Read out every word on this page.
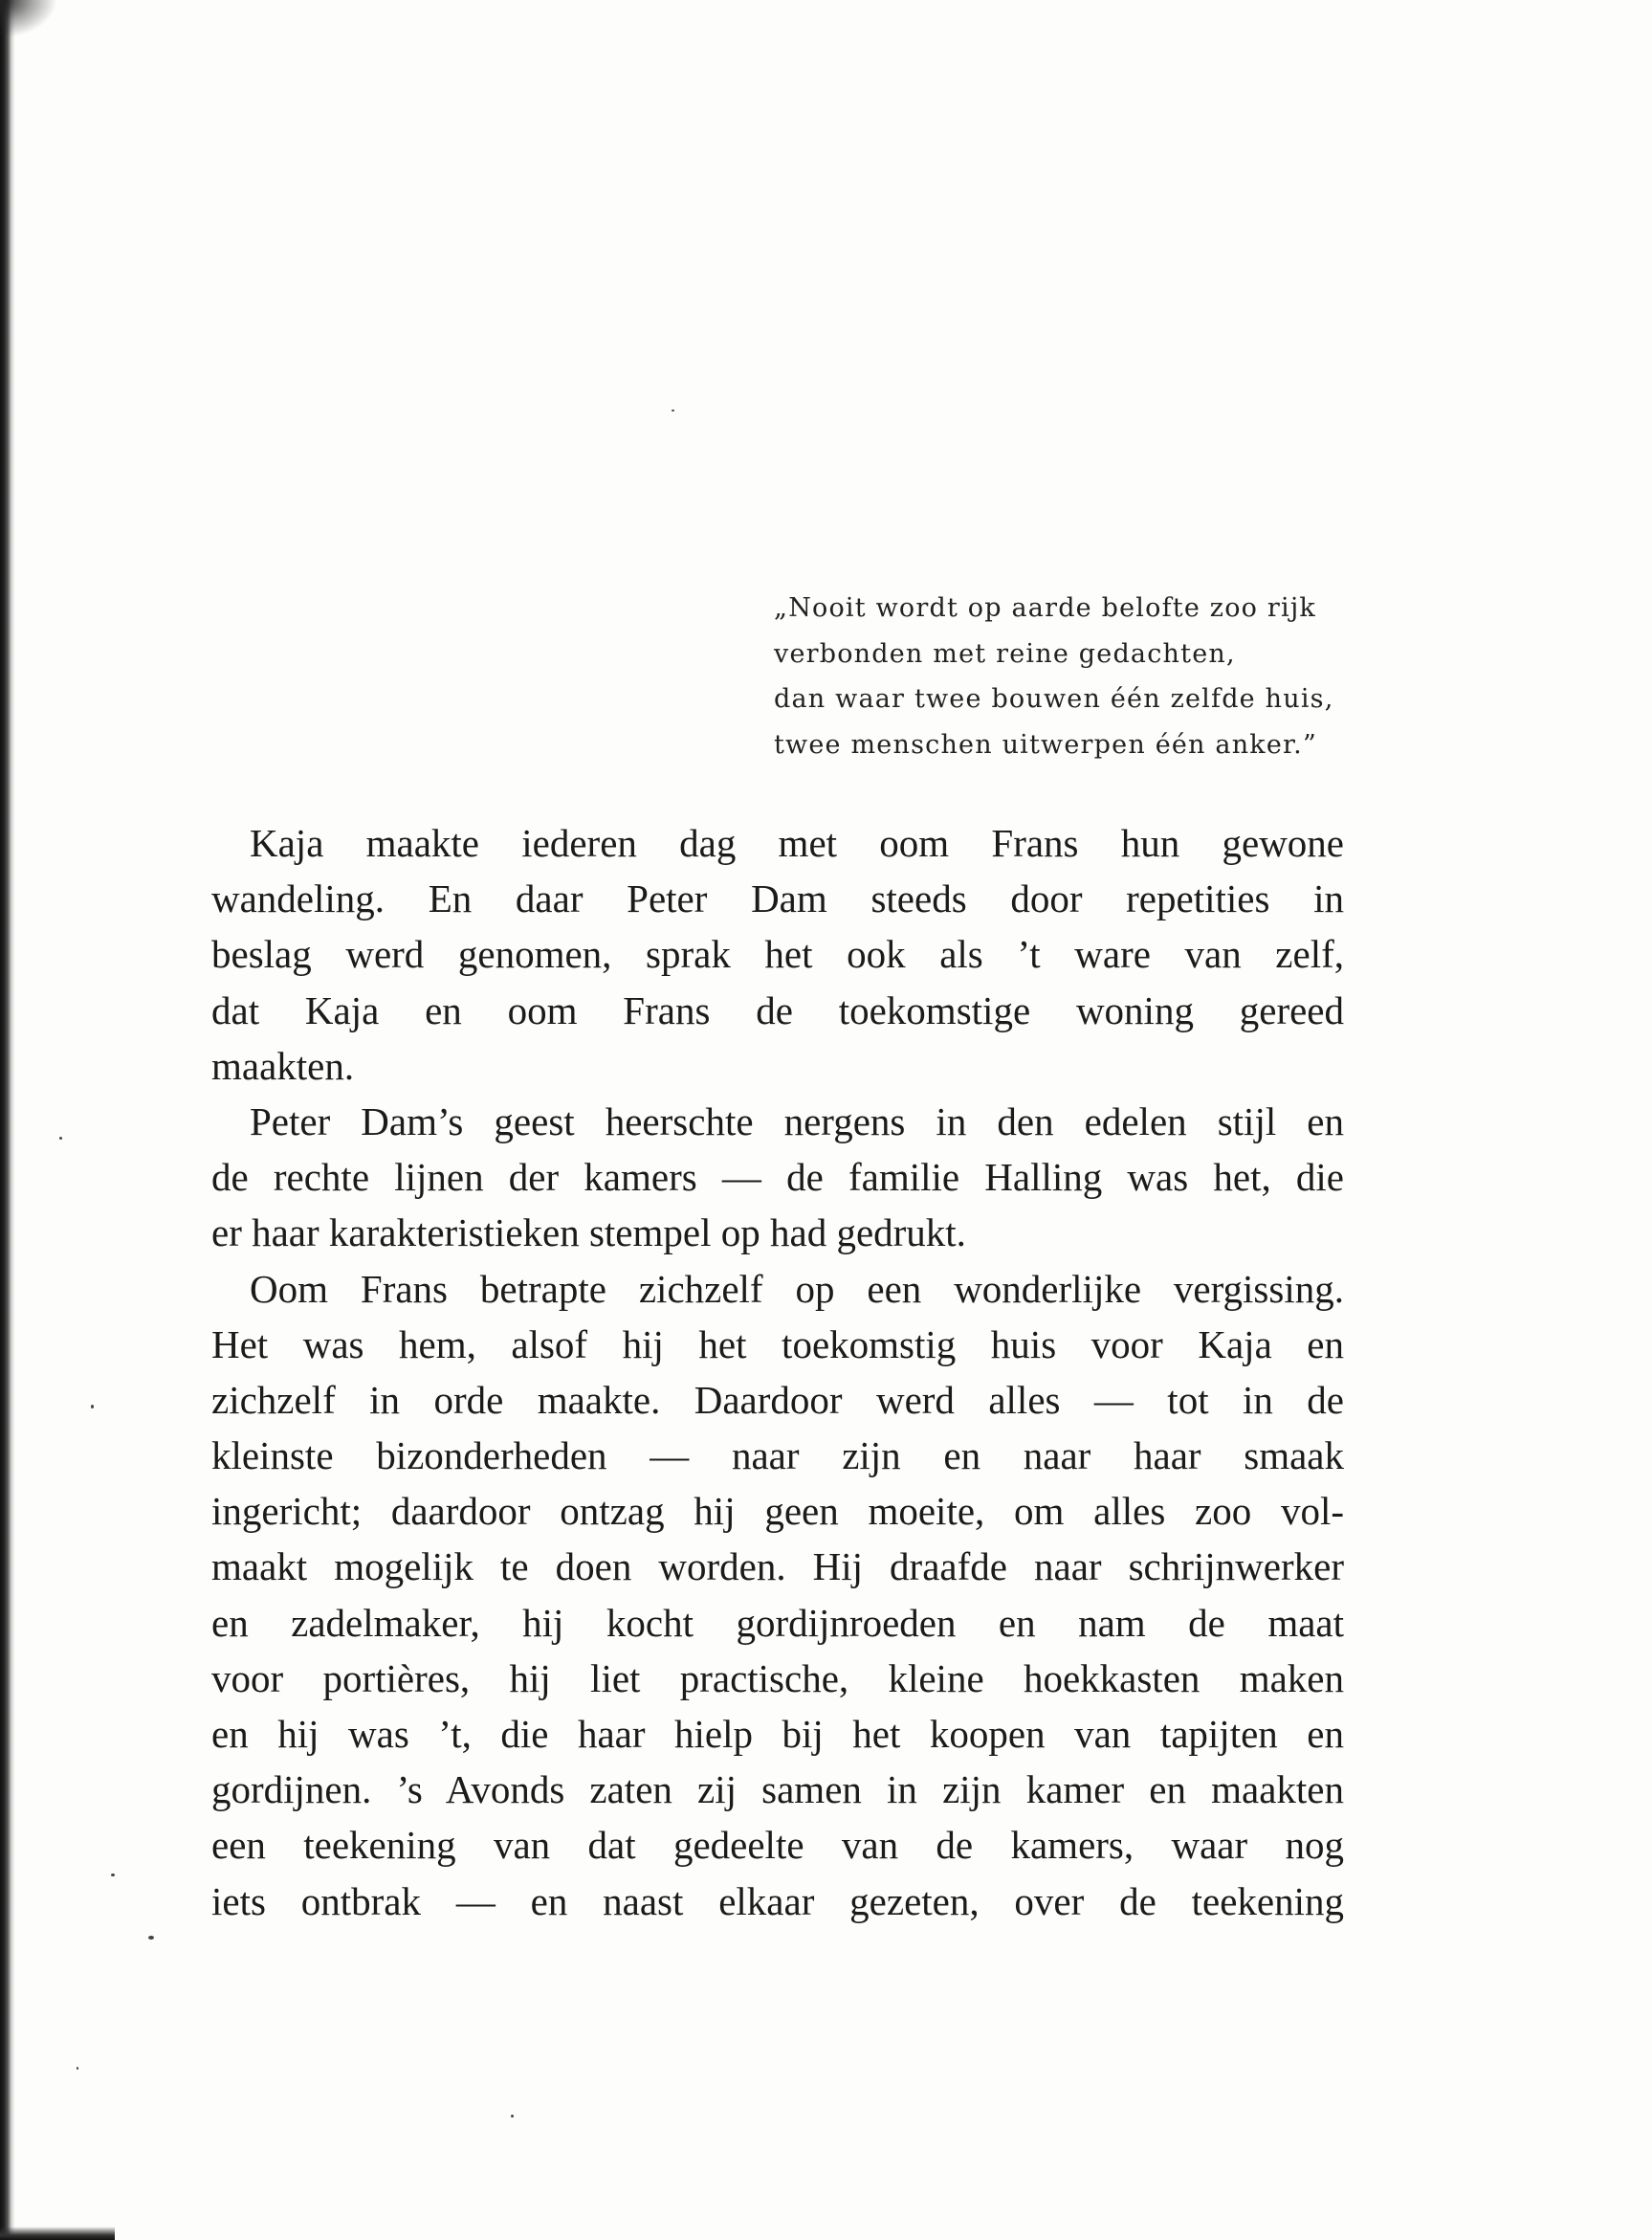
„Nooit wordt op aarde belofte zoo rijk
verbonden met reine gedachten,
dan waar twee bouwen één zelfde huis,
twee menschen uitwerpen één anker.”
Kaja maakte iederen dag met oom Frans hun gewone
wandeling. En daar Peter Dam steeds door repetities in
beslag werd genomen, sprak het ook als ’t ware van zelf,
dat Kaja en oom Frans de toekomstige woning gereed
maakten.
Peter Dam’s geest heerschte nergens in den edelen stijl en
de rechte lijnen der kamers — de familie Halling was het, die
er haar karakteristieken stempel op had gedrukt.
Oom Frans betrapte zichzelf op een wonderlijke vergissing.
Het was hem, alsof hij het toekomstig huis voor Kaja en
zichzelf in orde maakte. Daardoor werd alles — tot in de
kleinste bizonderheden — naar zijn en naar haar smaak
ingericht; daardoor ontzag hij geen moeite, om alles zoo vol-
maakt mogelijk te doen worden. Hij draafde naar schrijnwerker
en zadelmaker, hij kocht gordijnroeden en nam de maat
voor portières, hij liet practische, kleine hoekkasten maken
en hij was ’t, die haar hielp bij het koopen van tapijten en
gordijnen. ’s Avonds zaten zij samen in zijn kamer en maakten
een teekening van dat gedeelte van de kamers, waar nog
iets ontbrak — en naast elkaar gezeten, over de teekening
